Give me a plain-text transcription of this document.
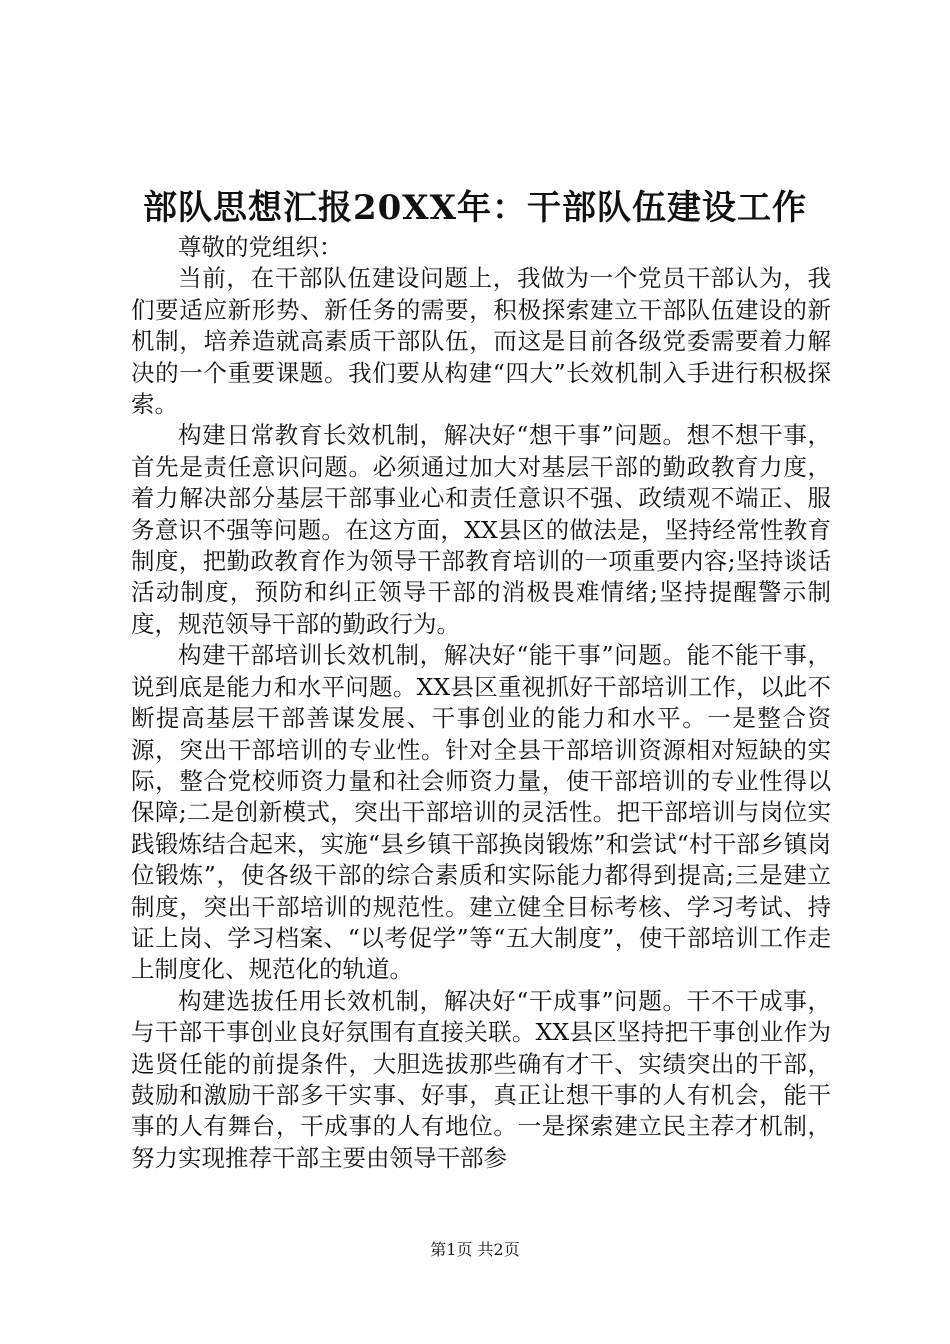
部队思想汇报20XX年：干部队伍建设工作

尊敬的党组织：

当前，在干部队伍建设问题上，我做为一个党员干部认为，我们要适应新形势、新任务的需要，积极探索建立干部队伍建设的新机制，培养造就高素质干部队伍，而这是目前各级党委需要着力解决的一个重要课题。我们要从构建“四大”长效机制入手进行积极探索。

构建日常教育长效机制，解决好“想干事”问题。想不想干事，首先是责任意识问题。必须通过加大对基层干部的勤政教育力度，着力解决部分基层干部事业心和责任意识不强、政绩观不端正、服务意识不强等问题。在这方面，XX县区的做法是，坚持经常性教育制度，把勤政教育作为领导干部教育培训的一项重要内容;坚持谈话活动制度，预防和纠正领导干部的消极畏难情绪;坚持提醒警示制度，规范领导干部的勤政行为。

构建干部培训长效机制，解决好“能干事”问题。能不能干事，说到底是能力和水平问题。XX县区重视抓好干部培训工作，以此不断提高基层干部善谋发展、干事创业的能力和水平。一是整合资源，突出干部培训的专业性。针对全县干部培训资源相对短缺的实际，整合党校师资力量和社会师资力量，使干部培训的专业性得以保障;二是创新模式，突出干部培训的灵活性。把干部培训与岗位实践锻炼结合起来，实施“县乡镇干部换岗锻炼”和尝试“村干部乡镇岗位锻炼”，使各级干部的综合素质和实际能力都得到提高;三是建立制度，突出干部培训的规范性。建立健全目标考核、学习考试、持证上岗、学习档案、“以考促学”等“五大制度”，使干部培训工作走上制度化、规范化的轨道。

构建选拔任用长效机制，解决好“干成事”问题。干不干成事，与干部干事创业良好氛围有直接关联。XX县区坚持把干事创业作为选贤任能的前提条件，大胆选拔那些确有才干、实绩突出的干部，鼓励和激励干部多干实事、好事，真正让想干事的人有机会，能干事的人有舞台，干成事的人有地位。一是探索建立民主荐才机制，努力实现推荐干部主要由领导干部参

第1页 共2页
